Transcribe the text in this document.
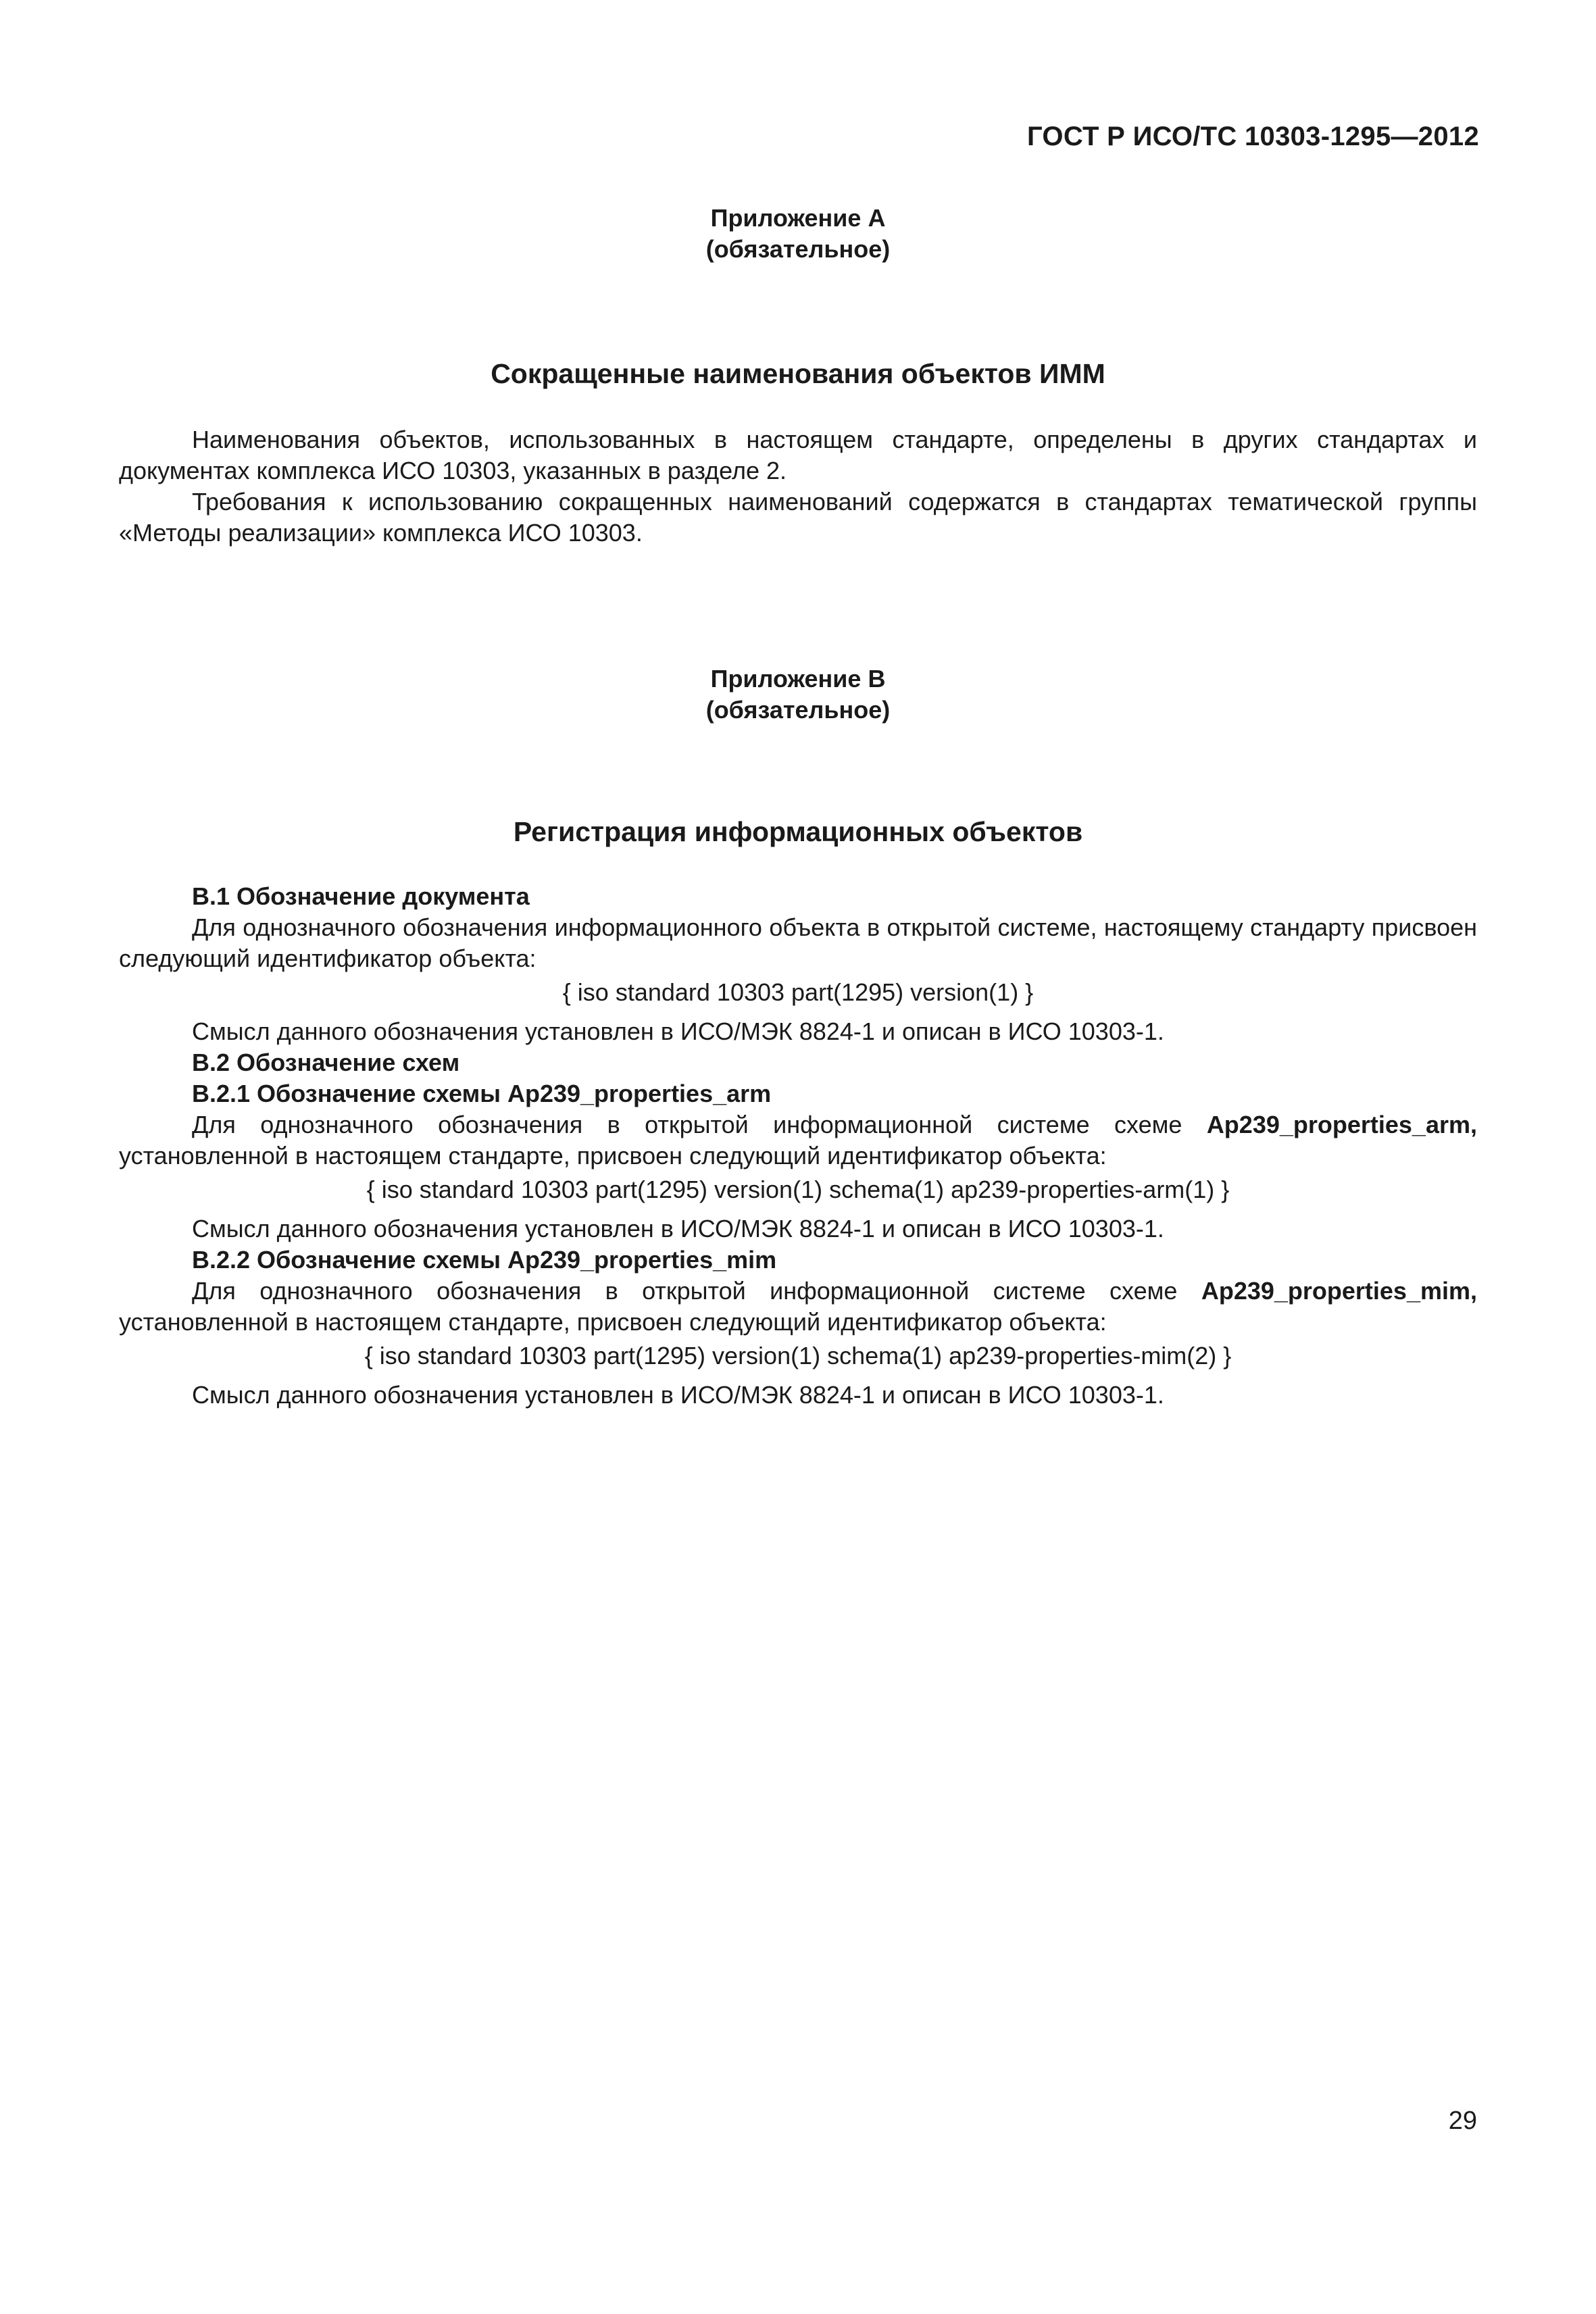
ГОСТ Р ИСО/ТС 10303-1295—2012
Приложение А
(обязательное)
Сокращенные наименования объектов ИММ
Наименования объектов, использованных в настоящем стандарте, определены в других стандартах и документах комплекса ИСО 10303, указанных в разделе 2.
Требования к использованию сокращенных наименований содержатся в стандартах тематической группы «Методы реализации» комплекса ИСО 10303.
Приложение В
(обязательное)
Регистрация информационных объектов
В.1 Обозначение документа
Для однозначного обозначения информационного объекта в открытой системе, настоящему стандарту присвоен следующий идентификатор объекта:
{ iso standard 10303 part(1295) version(1) }
Смысл данного обозначения установлен в ИСО/МЭК 8824-1 и описан в ИСО 10303-1.
В.2 Обозначение схем
В.2.1 Обозначение схемы Ap239_properties_arm
Для однозначного обозначения в открытой информационной системе схеме Ap239_properties_arm, установленной в настоящем стандарте, присвоен следующий идентификатор объекта:
{ iso standard 10303 part(1295) version(1) schema(1) ap239-properties-arm(1) }
Смысл данного обозначения установлен в ИСО/МЭК 8824-1 и описан в ИСО 10303-1.
В.2.2 Обозначение схемы Ap239_properties_mim
Для однозначного обозначения в открытой информационной системе схеме Ap239_properties_mim, установленной в настоящем стандарте, присвоен следующий идентификатор объекта:
{ iso standard 10303 part(1295) version(1) schema(1) ap239-properties-mim(2) }
Смысл данного обозначения установлен в ИСО/МЭК 8824-1 и описан в ИСО 10303-1.
29
